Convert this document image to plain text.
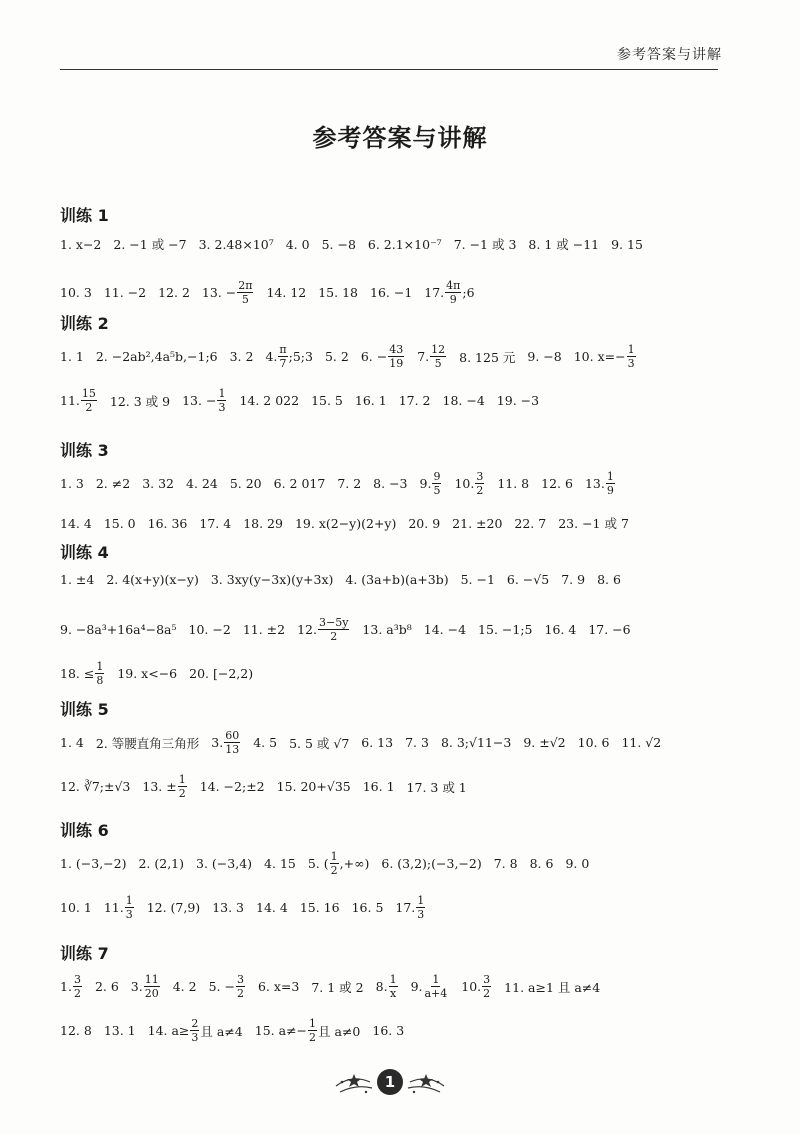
参考答案与讲解
参考答案与讲解
训练 1
1. x−2 2. −1 或 −7 3. 2.48×10⁷ 4. 0 5. −8 6. 2.1×10⁻⁷ 7. −1 或 3 8. 1 或 −11 9. 15
10. 3 11. −2 12. 2 13. − $\frac{2\pi}{5} 14$. 12 15. 18 16. −1 17. $\frac{4\pi}{9}$ ;6
训练 2
1. 1 2. −2ab²,4a⁵b,−1;6 3. 2 4. $\frac{\pi}{7}$ ;5;3 5. 2 6. − $\frac{43}{19} 7$. $\frac{12}{5} 8$. 125 元 9. −8 10. $x=- \frac{1}{3}$
11. $\frac{15}{2} 12$. 3 或 9 13. − $\frac{1}{3} 14$. 2 022 15. 5 16. 1 17. 2 18. −4 19. −3
训练 3
1. 3 2. ≠2 3. 32 4. 24 5. 20 6. 2 017 7. 2 8. −3 9. $\frac{9}{5} 10$. $\frac{3}{2} 11$. 8 12. 6 13. $\frac{1}{9}$
14. 4 15. 0 16. 36 17. 4 18. 29 19. x(2−y)(2+y) 20. 9 21. ±20 22. 7 23. −1 或 7
训练 4
1. ±4 2. 4(x+y)(x−y) 3. 3xy(y−3x)(y+3x) 4. (3a+b)(a+3b) 5. −1 6. −√5 7. 9 8. 6
9. −8a³+16a⁴−8a⁵ 10. −2 11. ±2 12. $\frac{3-5y}{2} 13$. a³b⁸ 14. −4 15. −1;5 16. 4 17. −6
18. ≤ $\frac{1}{8} 19$. x<−6 20. [−2,2)
训练 5
1. 4 2. 等腰直角三角形 3. $\frac{60}{13} 4$. 5 5. 5 或 √7 6. 13 7. 3 8. 3;√11−3 9. ±√2 10. 6 11. √2
12. ∛7;±√3 13. ± $\frac{1}{2} 14$. −2;±2 15. 20+√35 16. 1 17. 3 或 1
训练 6
1. (−3,−2) 2. (2,1) 3. (−3,4) 4. 15 5. ( $\frac{1}{2}$ ,+∞) 6. (3,2);(−3,−2) 7. 8 8. 6 9. 0
10. 1 11. $\frac{1}{3} 12$. (7,9) 13. 3 14. 4 15. 16 16. 5 17. $\frac{1}{3}$
训练 7
1. $\frac{3}{2} 2$. 6 3. $\frac{11}{20} 4$. 2 5. − $\frac{3}{2} 6$. x=3 7. 1 或 2 8. $\frac{1}{x} 9$. $\frac{1}{a+4} 10$. $\frac{3}{2} 11$. a≥1 且 a≠4
12. 8 13. 1 14. $a\ge \frac{2}{3}$ 且 a≠4 15. $a\ne- \frac{1}{2}$ 且 a≠0 16. 3
1
